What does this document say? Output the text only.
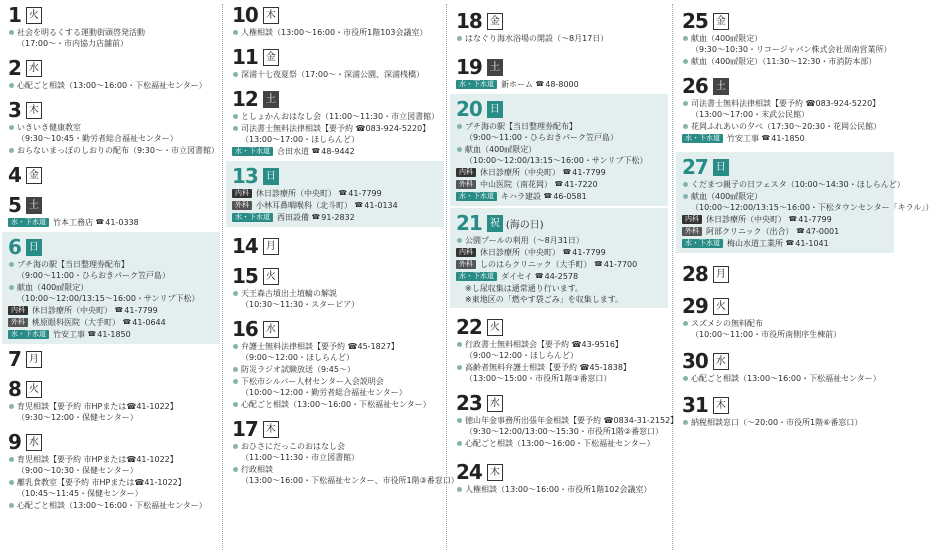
1 火
社会を明るくする運動街頭啓発活動
（17:00～・市内協力店舗前）
2 水
心配ごと相談（13:00～16:00・下松福祉センター）
3 木
いきいき健康教室
（9:30～10:45・勤労者総合福祉センター）
おらないまっぽのしおりの配布（9:30～・市立図書館）
4 金
5 土
水・下水道 竹本工務店
☎ 41-0338
6 日
プチ海の駅【当日整理券配布】
（9:00～11:00・ひらおきパーク笠戸島）
献血（400㎖限定）
（10:00～12:00/13:15～16:00・サンリブ下松）
内科 休日診療所（中央町）
☎ 41-7799
外科 桃原眼科医院（大手町）
☎ 41-0644
水・下水道 竹安工事
☎ 41-1850
7 月
8 火
育児相談【要予約 市HPまたは☎41-1022】
（9:30～12:00・保健センター）
9 水
育児相談【要予約 市HPまたは☎41-1022】
（9:00～10:30・保健センター）
離乳食教室【要予約 市HPまたは☎41-1022】
（10:45～11:45・保健センター）
心配ごと相談（13:00～16:00・下松福祉センター）
10 木
人権相談（13:00～16:00・市役所1階103会議室）
11 金
深浦十七夜夏祭（17:00～・深浦公園、深浦桟橋）
12 土
としょかんおはなし会（11:00～11:30・市立図書館）
司法書士無料法律相談【要予約 ☎083-924-5220】
（13:00～17:00・ほしらんど）
水・下水道 合田水道
☎ 48-9442
13 日
内科 休日診療所（中央町）
☎ 41-7799
外科 小林耳鼻咽喉科（北斗町）
☎ 41-0134
水・下水道 西田設備
☎ 91-2832
14 月
15 火
天王森古墳出土埴輪の解説
（10:30～11:30・スターピア）
16 水
弁護士無料法律相談【要予約 ☎45-1827】
（9:00～12:00・ほしらんど）
防災ラジオ試験放送（9:45～）
下松市シルバー人材センター入会説明会
（10:00～12:00・勤労者総合福祉センター）
心配ごと相談（13:00～16:00・下松福祉センター）
17 木
おひさにだっこのおはなし会
（11:00～11:30・市立図書館）
行政相談
（13:00～16:00・下松福祉センター、市役所1階③番窓口）
18 金
はなぐり海水浴場の開設（～8月17日）
19 土
水・下水道 新ホーム
☎ 48-8000
20 日
プチ海の駅【当日整理券配布】
（9:00～11:00・ひらおきパーク笠戸島）
献血（400㎖限定）
（10:00～12:00/13:15～16:00・サンリブ下松）
内科 休日診療所（中央町）
☎ 41-7799
外科 中山医院（南花岡）
☎ 41-7220
水・下水道 キハラ建設
☎ 46-0581
21 祝 (海の日)
公園プールの利用（～8月31日）
内科 休日診療所（中央町）
☎ 41-7799
外科 しのはらクリニック（大手町）
☎ 41-7700
水・下水道 ダイセイ
☎ 44-2578
※し尿収集は通常通り行います。
※東地区の「燃やす袋ごみ」を収集します。
22 火
行政書士無料相談会【要予約 ☎43-9516】
（9:00～12:00・ほしらんど）
高齢者無料弁護士相談【要予約 ☎45-1838】
（13:00～15:00・市役所1階③番窓口）
23 水
徳山年金事務所出張年金相談【要予約 ☎0834-31-2152】
（9:30～12:00/13:00～15:30・市役所1階②番窓口）
心配ごと相談（13:00～16:00・下松福祉センター）
24 木
人権相談（13:00～16:00・市役所1階102会議室）
25 金
献血（400㎖限定）
（9:30～10:30・リコージャパン株式会社周南営業所）
献血（400㎖限定）（11:30～12:30・市消防本部）
26 土
司法書士無料法律相談【要予約 ☎083-924-5220】
（13:00～17:00・末武公民館）
花岡ふれあいの夕べ（17:30～20:30・花岡公民館）
水・下水道 竹安工事
☎ 41-1850
27 日
くだまつ親子の日フェスタ（10:00～14:30・ほしらんど）
献血（400㎖限定）
（10:00～12:00/13:15～16:00・下松タウンセンター「キラル」）
内科 休日診療所（中央町）
☎ 41-7799
外科 阿部クリニック（出合）
☎ 47-0001
水・下水道 梅山水道工業所
☎ 41-1041
28 月
29 火
スズメシの無料配布
（10:00～11:00・市役所南側序生棟前）
30 水
心配ごと相談（13:00～16:00・下松福祉センター）
31 木
納税相談窓口（～20:00・市役所1階⑥番窓口）
